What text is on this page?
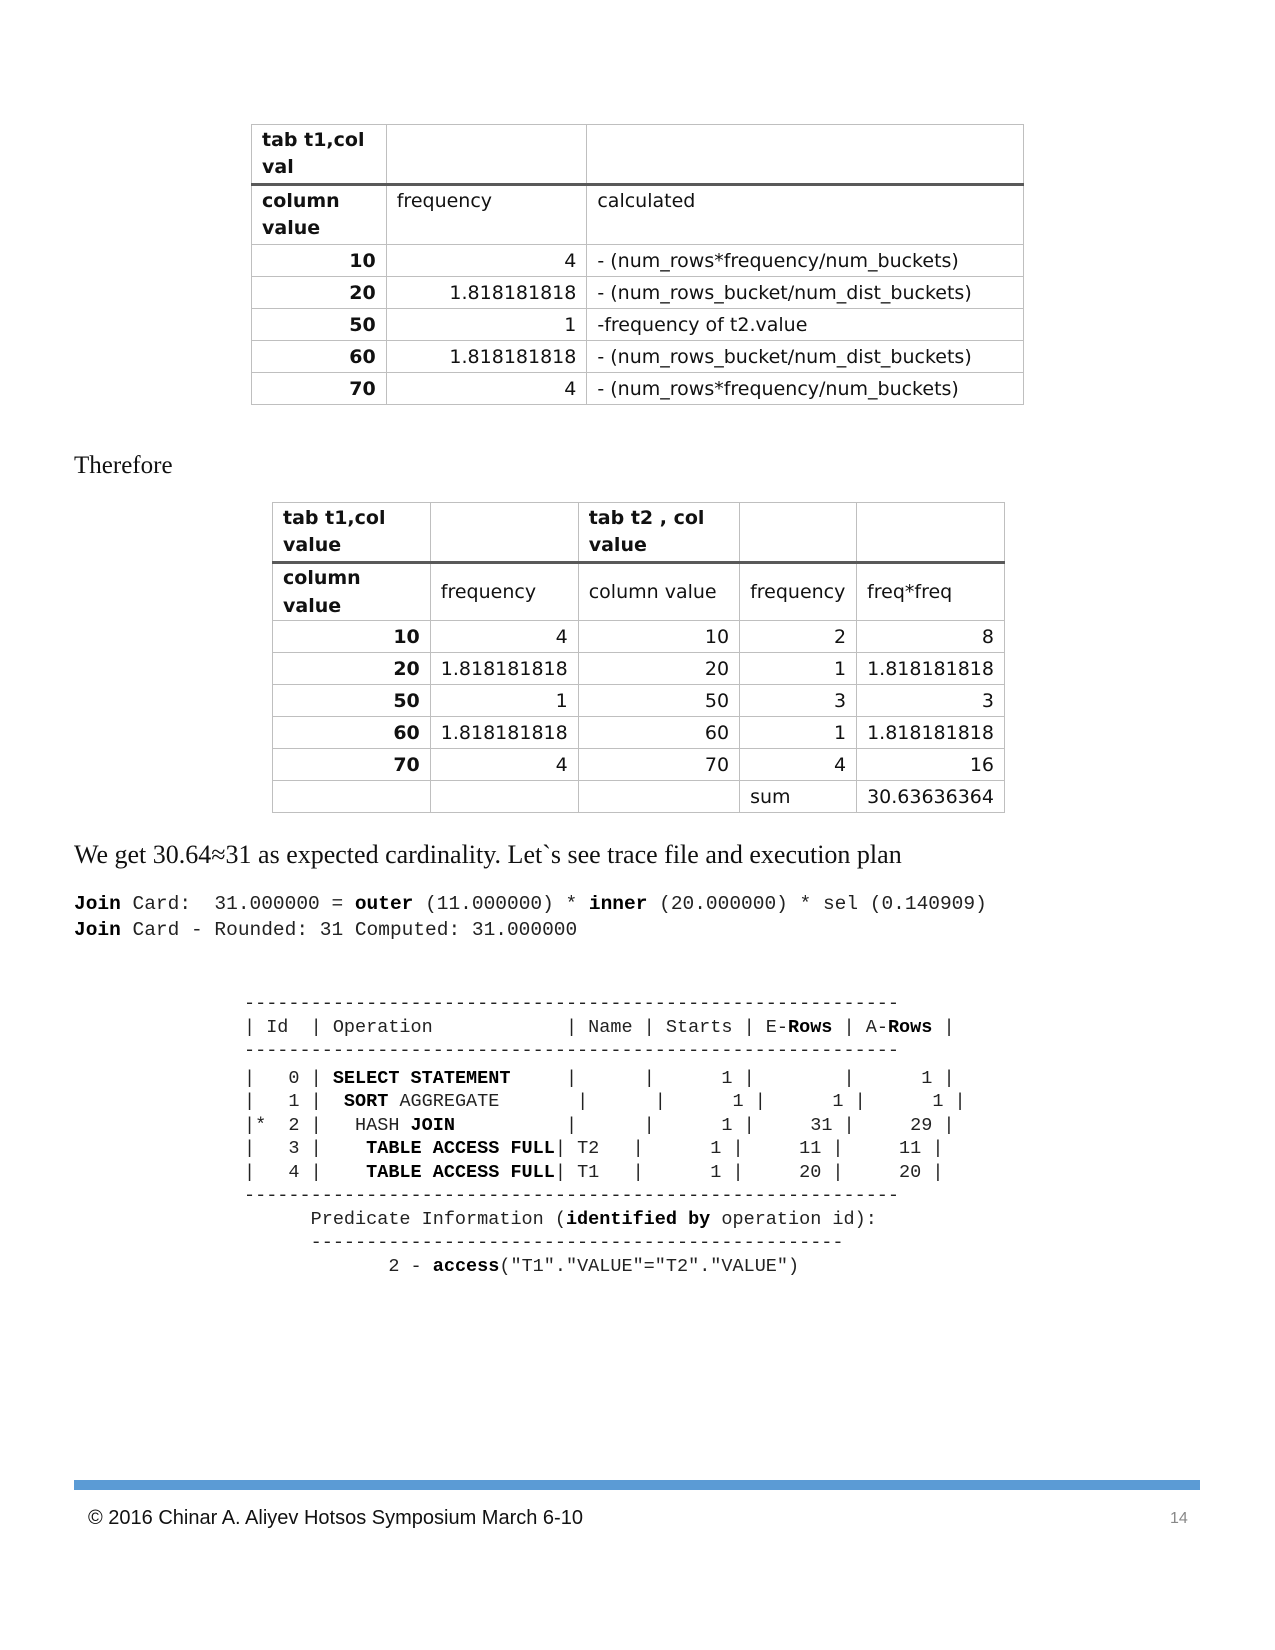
tab t1,col val		
column value	frequency	calculated
10	4	- (num_rows*frequency/num_buckets)
20	1.818181818	- (num_rows_bucket/num_dist_buckets)
50	1	-frequency of t2.value
60	1.818181818	- (num_rows_bucket/num_dist_buckets)
70	4	- (num_rows*frequency/num_buckets)
Therefore
tab t1,col value		tab t2 , col value		
column value	frequency	column value	frequency	freq*freq
10	4	10	2	8
20	1.818181818	20	1	1.818181818
50	1	50	3	3
60	1.818181818	60	1	1.818181818
70	4	70	4	16
			sum	30.63636364
We get 30.64≈31 as expected cardinality. Let`s see trace file and execution plan
Join Card:  31.000000 = outer (11.000000) * inner (20.000000) * sel (0.140909)
Join Card - Rounded: 31 Computed: 31.000000
-----------------------------------------------------------
| Id  | Operation            | Name | Starts | E-Rows | A-Rows |
-----------------------------------------------------------
|   0 | SELECT STATEMENT     |      |      1 |        |      1 |
|   1 |  SORT AGGREGATE       |      |      1 |      1 |      1 |
|*  2 |   HASH JOIN          |      |      1 |     31 |     29 |
|   3 |    TABLE ACCESS FULL| T2   |      1 |     11 |     11 |
|   4 |    TABLE ACCESS FULL| T1   |      1 |     20 |     20 |
-----------------------------------------------------------
Predicate Information (identified by operation id):
------------------------------------------------
2 - access("T1"."VALUE"="T2"."VALUE")
© 2016 Chinar A. Aliyev Hotsos Symposium March 6-10	14
